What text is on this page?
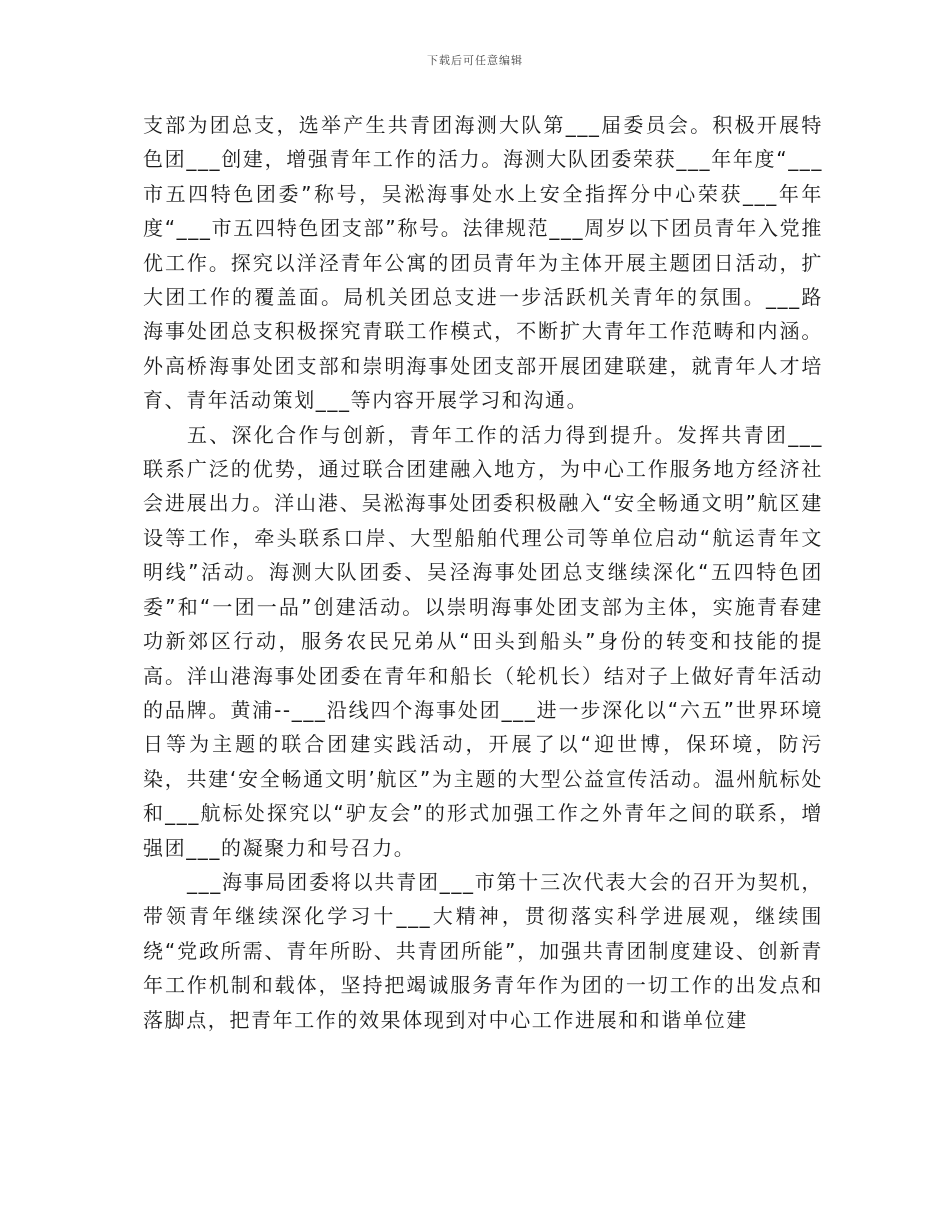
下载后可任意编辑

支部为团总支，选举产生共青团海测大队第___届委员会。积极开展特色团___创建，增强青年工作的活力。海测大队团委荣获___年年度“___市五四特色团委”称号，吴淞海事处水上安全指挥分中心荣获___年年度“___市五四特色团支部”称号。法律规范___周岁以下团员青年入党推优工作。探究以洋泾青年公寓的团员青年为主体开展主题团日活动，扩大团工作的覆盖面。局机关团总支进一步活跃机关青年的氛围。___路海事处团总支积极探究青联工作模式，不断扩大青年工作范畴和内涵。外高桥海事处团支部和崇明海事处团支部开展团建联建，就青年人才培育、青年活动策划___等内容开展学习和沟通。

五、深化合作与创新，青年工作的活力得到提升。发挥共青团___联系广泛的优势，通过联合团建融入地方，为中心工作服务地方经济社会进展出力。洋山港、吴淞海事处团委积极融入“安全畅通文明”航区建设等工作，牵头联系口岸、大型船舶代理公司等单位启动“航运青年文明线”活动。海测大队团委、吴泾海事处团总支继续深化“五四特色团委”和“一团一品”创建活动。以崇明海事处团支部为主体，实施青春建功新郊区行动，服务农民兄弟从“田头到船头”身份的转变和技能的提高。洋山港海事处团委在青年和船长（轮机长）结对子上做好青年活动的品牌。黄浦--___沿线四个海事处团___进一步深化以“六五”世界环境日等为主题的联合团建实践活动，开展了以“迎世博，保环境，防污染，共建‘安全畅通文明’航区”为主题的大型公益宣传活动。温州航标处和___航标处探究以“驴友会”的形式加强工作之外青年之间的联系，增强团___的凝聚力和号召力。

___海事局团委将以共青团___市第十三次代表大会的召开为契机，带领青年继续深化学习十___大精神，贯彻落实科学进展观，继续围绕“党政所需、青年所盼、共青团所能”，加强共青团制度建设、创新青年工作机制和载体，坚持把竭诚服务青年作为团的一切工作的出发点和落脚点，把青年工作的效果体现到对中心工作进展和和谐单位建
